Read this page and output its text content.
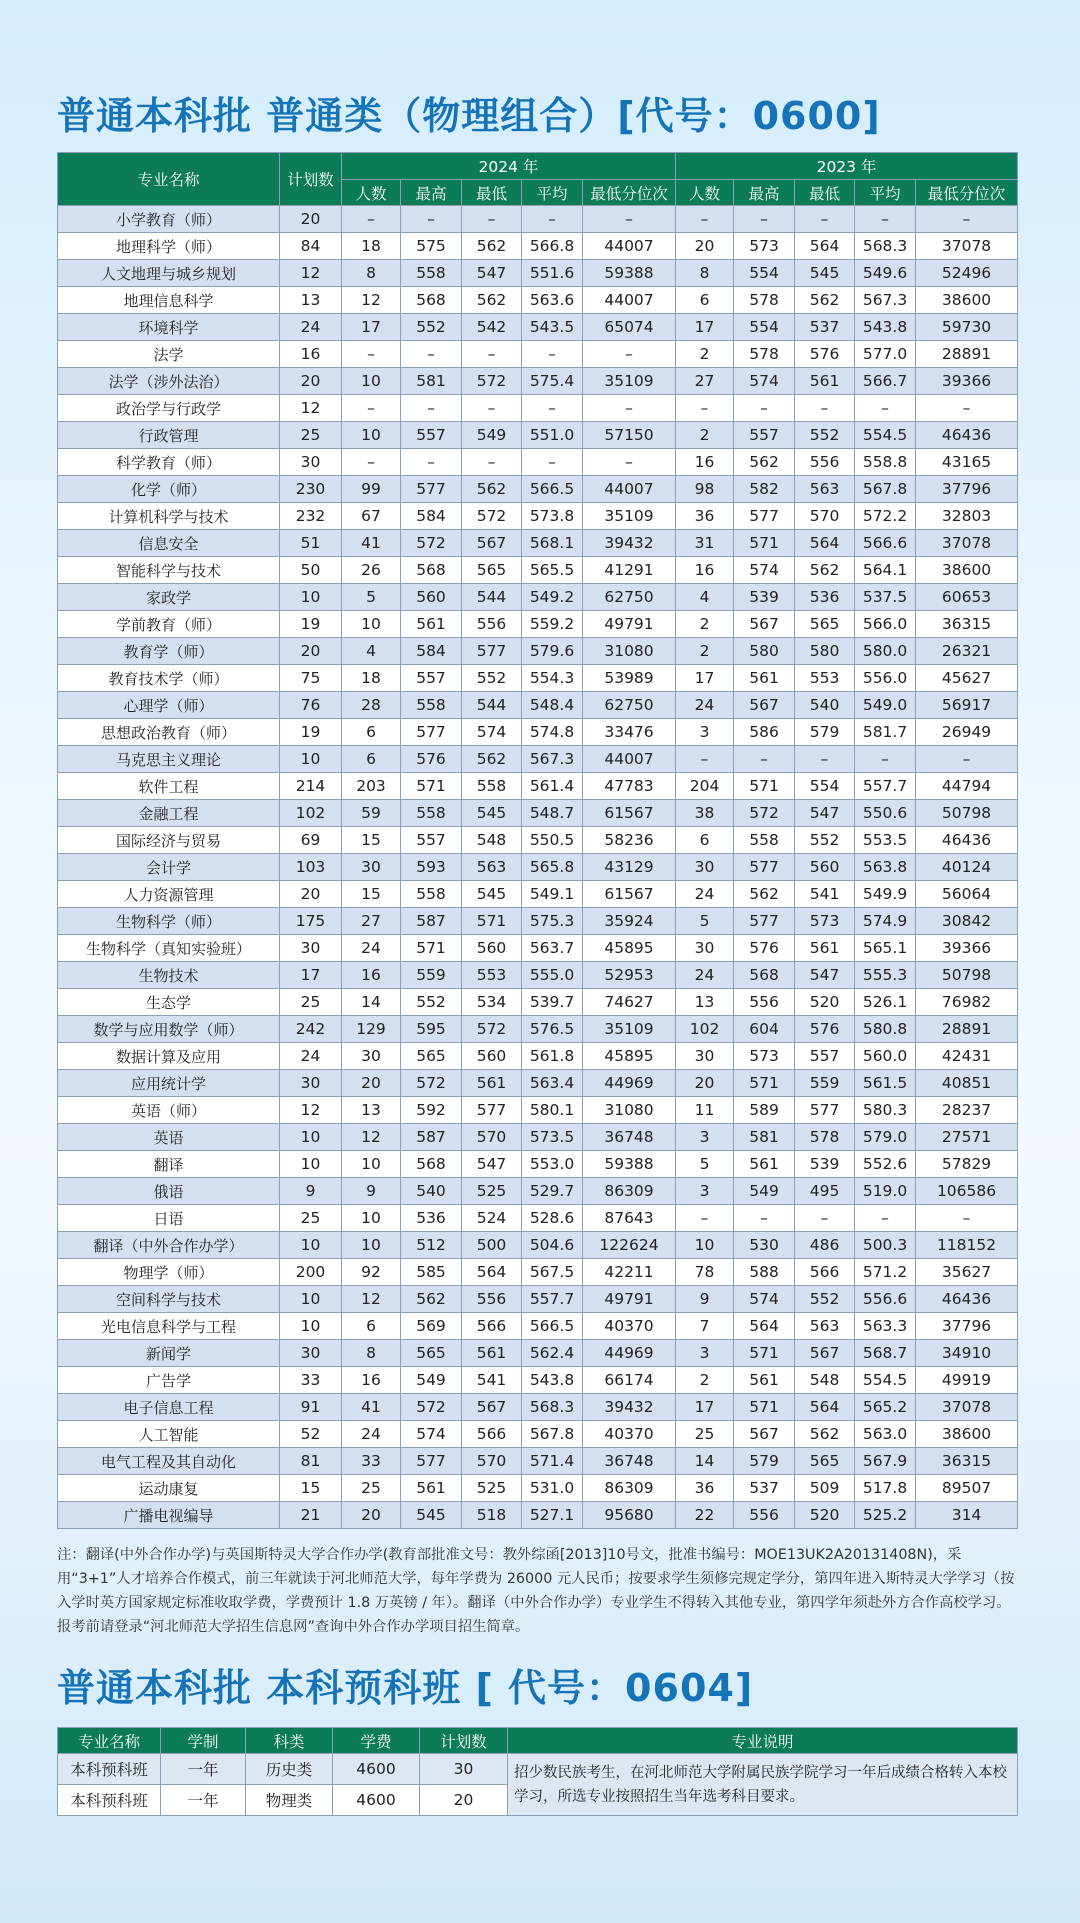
普通本科批 普通类（物理组合）[代号：0600]
专业名称	计划数	2024 年					2023 年				
		人数	最高	最低	平均	最低分位次	人数	最高	最低	平均	最低分位次
小学教育（师）	20	–	–	–	–	–	–	–	–	–	–
地理科学（师）	84	18	575	562	566.8	44007	20	573	564	568.3	37078
人文地理与城乡规划	12	8	558	547	551.6	59388	8	554	545	549.6	52496
地理信息科学	13	12	568	562	563.6	44007	6	578	562	567.3	38600
环境科学	24	17	552	542	543.5	65074	17	554	537	543.8	59730
法学	16	–	–	–	–	–	2	578	576	577.0	28891
法学（涉外法治）	20	10	581	572	575.4	35109	27	574	561	566.7	39366
政治学与行政学	12	–	–	–	–	–	–	–	–	–	–
行政管理	25	10	557	549	551.0	57150	2	557	552	554.5	46436
科学教育（师）	30	–	–	–	–	–	16	562	556	558.8	43165
化学（师）	230	99	577	562	566.5	44007	98	582	563	567.8	37796
计算机科学与技术	232	67	584	572	573.8	35109	36	577	570	572.2	32803
信息安全	51	41	572	567	568.1	39432	31	571	564	566.6	37078
智能科学与技术	50	26	568	565	565.5	41291	16	574	562	564.1	38600
家政学	10	5	560	544	549.2	62750	4	539	536	537.5	60653
学前教育（师）	19	10	561	556	559.2	49791	2	567	565	566.0	36315
教育学（师）	20	4	584	577	579.6	31080	2	580	580	580.0	26321
教育技术学（师）	75	18	557	552	554.3	53989	17	561	553	556.0	45627
心理学（师）	76	28	558	544	548.4	62750	24	567	540	549.0	56917
思想政治教育（师）	19	6	577	574	574.8	33476	3	586	579	581.7	26949
马克思主义理论	10	6	576	562	567.3	44007	–	–	–	–	–
软件工程	214	203	571	558	561.4	47783	204	571	554	557.7	44794
金融工程	102	59	558	545	548.7	61567	38	572	547	550.6	50798
国际经济与贸易	69	15	557	548	550.5	58236	6	558	552	553.5	46436
会计学	103	30	593	563	565.8	43129	30	577	560	563.8	40124
人力资源管理	20	15	558	545	549.1	61567	24	562	541	549.9	56064
生物科学（师）	175	27	587	571	575.3	35924	5	577	573	574.9	30842
生物科学（真知实验班）	30	24	571	560	563.7	45895	30	576	561	565.1	39366
生物技术	17	16	559	553	555.0	52953	24	568	547	555.3	50798
生态学	25	14	552	534	539.7	74627	13	556	520	526.1	76982
数学与应用数学（师）	242	129	595	572	576.5	35109	102	604	576	580.8	28891
数据计算及应用	24	30	565	560	561.8	45895	30	573	557	560.0	42431
应用统计学	30	20	572	561	563.4	44969	20	571	559	561.5	40851
英语（师）	12	13	592	577	580.1	31080	11	589	577	580.3	28237
英语	10	12	587	570	573.5	36748	3	581	578	579.0	27571
翻译	10	10	568	547	553.0	59388	5	561	539	552.6	57829
俄语	9	9	540	525	529.7	86309	3	549	495	519.0	106586
日语	25	10	536	524	528.6	87643	–	–	–	–	–
翻译（中外合作办学）	10	10	512	500	504.6	122624	10	530	486	500.3	118152
物理学（师）	200	92	585	564	567.5	42211	78	588	566	571.2	35627
空间科学与技术	10	12	562	556	557.7	49791	9	574	552	556.6	46436
光电信息科学与工程	10	6	569	566	566.5	40370	7	564	563	563.3	37796
新闻学	30	8	565	561	562.4	44969	3	571	567	568.7	34910
广告学	33	16	549	541	543.8	66174	2	561	548	554.5	49919
电子信息工程	91	41	572	567	568.3	39432	17	571	564	565.2	37078
人工智能	52	24	574	566	567.8	40370	25	567	562	563.0	38600
电气工程及其自动化	81	33	577	570	571.4	36748	14	579	565	567.9	36315
运动康复	15	25	561	525	531.0	86309	36	537	509	517.8	89507
广播电视编导	21	20	545	518	527.1	95680	22	556	520	525.2	314
注：翻译(中外合作办学)与英国斯特灵大学合作办学(教育部批准文号：教外综函[2013]10号文，批准书编号：MOE13UK2A20131408N)，采用“3+1”人才培养合作模式，前三年就读于河北师范大学，每年学费为 26000 元人民币；按要求学生须修完规定学分，第四年进入斯特灵大学学习（按入学时英方国家规定标准收取学费，学费预计 1.8 万英镑 / 年）。翻译（中外合作办学）专业学生不得转入其他专业，第四学年须赴外方合作高校学习。报考前请登录“河北师范大学招生信息网”查询中外合作办学项目招生简章。
普通本科批 本科预科班 [ 代号：0604]
专业名称	学制	科类	学费	计划数	专业说明
本科预科班	一年	历史类	4600	30	招少数民族考生，在河北师范大学附属民族学院学习一年后成绩合格转入本校学习，所选专业按照招生当年选考科目要求。
本科预科班	一年	物理类	4600	20	
